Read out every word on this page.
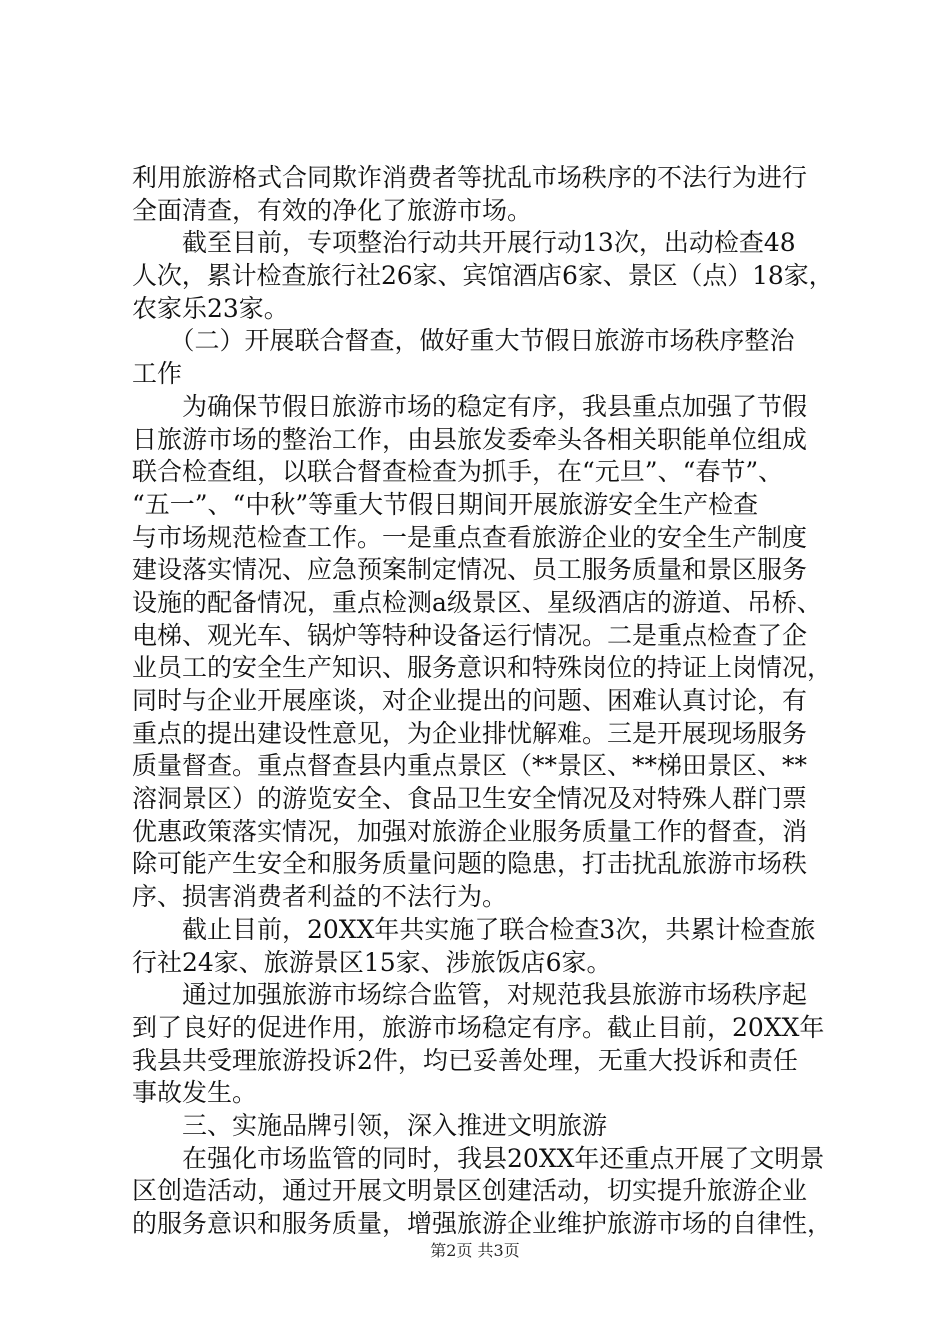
利用旅游格式合同欺诈消费者等扰乱市场秩序的不法行为进行
全面清查，有效的净化了旅游市场。
　　截至目前，专项整治行动共开展行动13次，出动检查48
人次，累计检查旅行社26家、宾馆酒店6家、景区（点）18家，
农家乐23家。
　　（二）开展联合督查，做好重大节假日旅游市场秩序整治
工作
　　为确保节假日旅游市场的稳定有序，我县重点加强了节假
日旅游市场的整治工作，由县旅发委牵头各相关职能单位组成
联合检查组，以联合督查检查为抓手，在“元旦”、“春节”、
“五一”、“中秋”等重大节假日期间开展旅游安全生产检查
与市场规范检查工作。一是重点查看旅游企业的安全生产制度
建设落实情况、应急预案制定情况、员工服务质量和景区服务
设施的配备情况，重点检测a级景区、星级酒店的游道、吊桥、
电梯、观光车、锅炉等特种设备运行情况。二是重点检查了企
业员工的安全生产知识、服务意识和特殊岗位的持证上岗情况，
同时与企业开展座谈，对企业提出的问题、困难认真讨论，有
重点的提出建设性意见，为企业排忧解难。三是开展现场服务
质量督查。重点督查县内重点景区（**景区、**梯田景区、**
溶洞景区）的游览安全、食品卫生安全情况及对特殊人群门票
优惠政策落实情况，加强对旅游企业服务质量工作的督查，消
除可能产生安全和服务质量问题的隐患，打击扰乱旅游市场秩
序、损害消费者利益的不法行为。
　　截止目前，20XX年共实施了联合检查3次，共累计检查旅
行社24家、旅游景区15家、涉旅饭店6家。
　　通过加强旅游市场综合监管，对规范我县旅游市场秩序起
到了良好的促进作用，旅游市场稳定有序。截止目前，20XX年
我县共受理旅游投诉2件，均已妥善处理，无重大投诉和责任
事故发生。
　　三、实施品牌引领，深入推进文明旅游
　　在强化市场监管的同时，我县20XX年还重点开展了文明景
区创造活动，通过开展文明景区创建活动，切实提升旅游企业
的服务意识和服务质量，增强旅游企业维护旅游市场的自律性，
第2页 共3页
